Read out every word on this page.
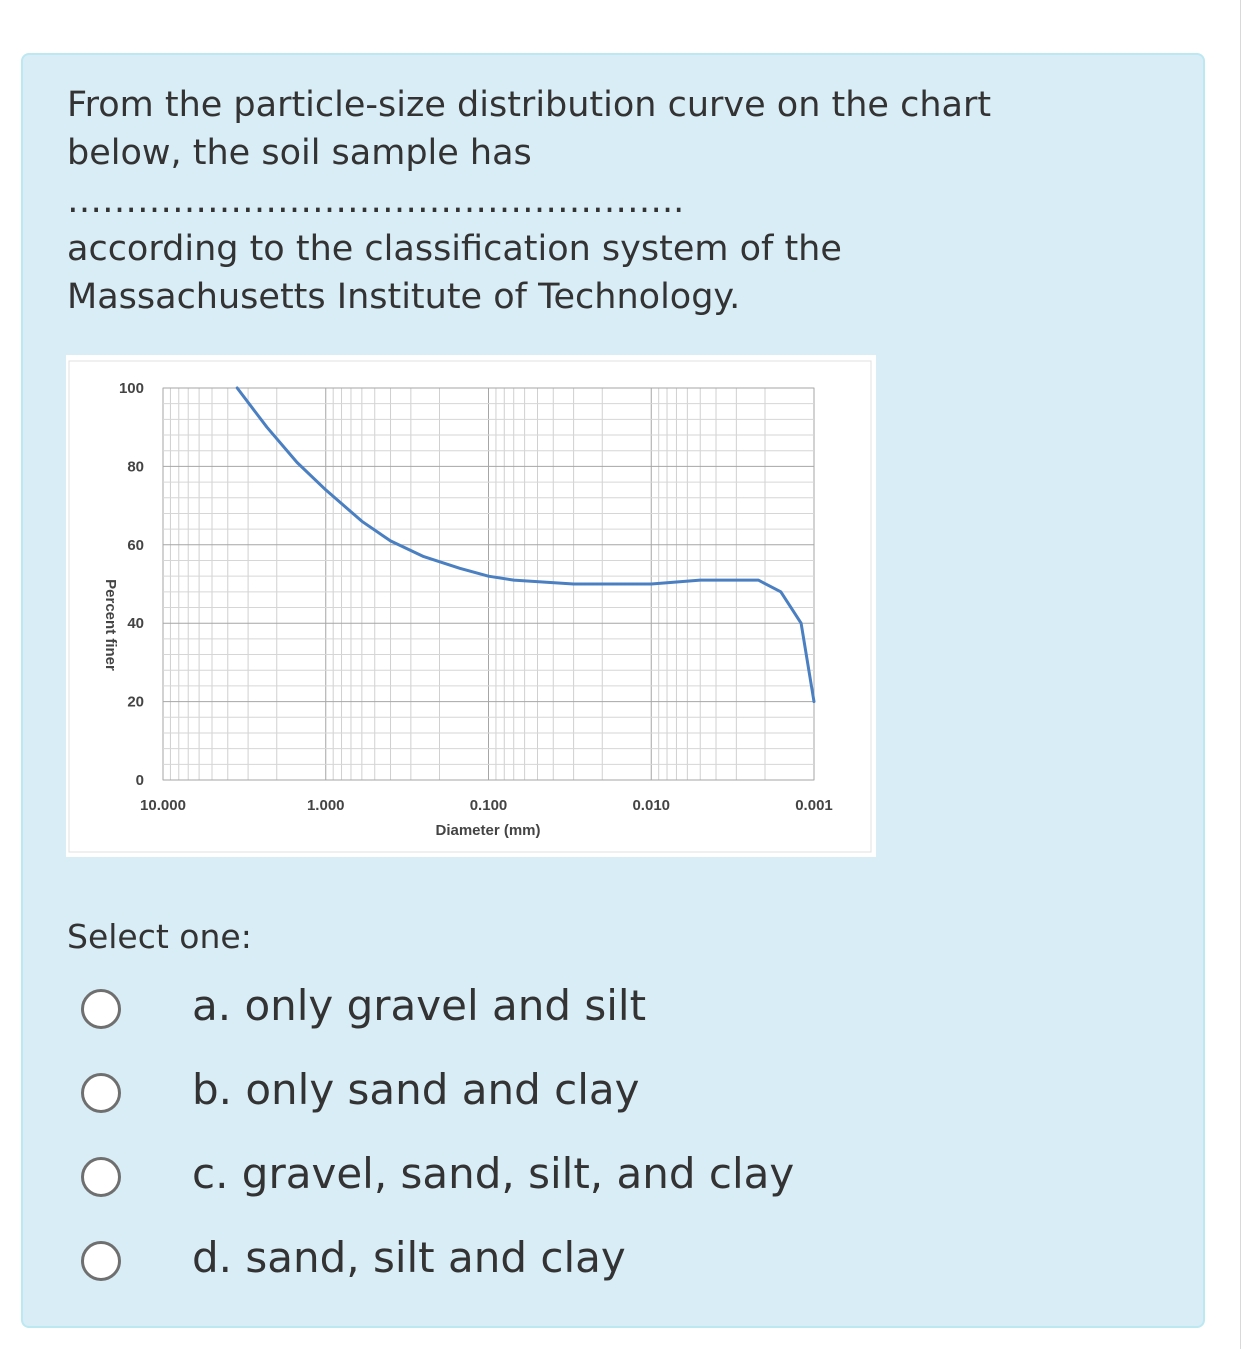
From the particle-size distribution curve on the chart
below, the soil sample has ……………………………………………..
according to the classification system of the
Massachusetts Institute of Technology.

10.000	1.000	0.100	0.010	0.001
100
80
60
40
20
0
Diameter (mm)
Percent finer

Select one:

a. only gravel and silt
b. only sand and clay
c. gravel, sand, silt, and clay
d. sand, silt and clay
